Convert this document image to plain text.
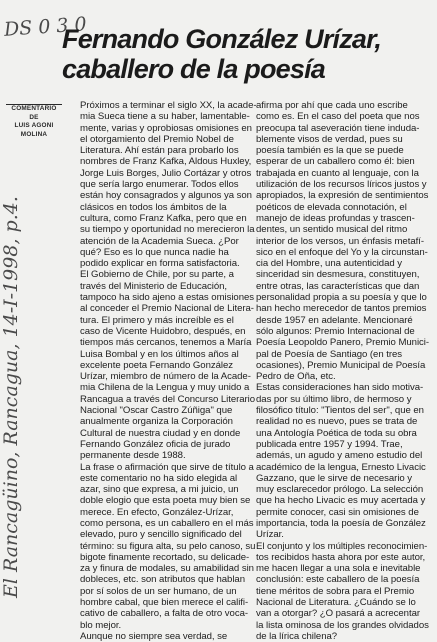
DS 0 3 0
El Rancagüino, Rancagua, 14-I-1998, p.4.
Fernando González Urízar,
caballero de la poesía
COMENTARIO DE
LUIS AGONI
MOLINA
Próximos a terminar el siglo XX, la acade-
mia Sueca tiene a su haber, lamentable-
mente, varias y oprobiosas omisiones en
el otorgamiento del Premio Nobel de
Literatura. Ahí están para probarlo los
nombres de Franz Kafka, Aldous Huxley,
Jorge Luis Borges, Julio Cortázar y otros
que sería largo enumerar. Todos ellos
están hoy consagrados y algunos ya son
clásicos en todos los ámbitos de la
cultura, como Franz Kafka, pero que en
su tiempo y oportunidad no merecieron la
atención de la Academia Sueca. ¿Por
qué? Eso es lo que nunca nadie ha
podido explicar en forma satisfactoria.
El Gobierno de Chile, por su parte, a
través del Ministerio de Educación,
tampoco ha sido ajeno a estas omisiones
al conceder el Premio Nacional de Litera-
tura. El primero y más increíble es el
caso de Vicente Huidobro, después, en
tiempos más cercanos, tenemos a María
Luisa Bombal y en los últimos años al
excelente poeta Fernando González
Urízar, miembro de número de la Acade-
mia Chilena de la Lengua y muy unido a
Rancagua a través del Concurso Literario
Nacional "Oscar Castro Zúñiga" que
anualmente organiza la Corporación
Cultural de nuestra ciudad y en donde
Fernando González oficia de jurado
permanente desde 1988.
La frase o afirmación que sirve de título a
este comentario no ha sido elegida al
azar, sino que expresa, a mi juicio, un
doble elogio que esta poeta muy bien se
merece. En efecto, González-Urízar,
como persona, es un caballero en el más
elevado, puro y sencillo significado del
término: su figura alta, su pelo canoso, su
bigote finamente recortado, su delicade-
za y finura de modales, su amabilidad sin
dobleces, etc. son atributos que hablan
por sí solos de un ser humano, de un
hombre cabal, que bien merece el califi-
cativo de caballero, a falta de otro voca-
blo mejor.
Aunque no siempre sea verdad, se
afirma por ahí que cada uno escribe
como es. En el caso del poeta que nos
preocupa tal aseveración tiene induda-
blemente visos de verdad, pues su
poesía también es la que se puede
esperar de un caballero como él: bien
trabajada en cuanto al lenguaje, con la
utilización de los recursos líricos justos y
apropiados, la expresión de sentimientos
poéticos de elevada connotación, el
manejo de ideas profundas y trascen-
dentes, un sentido musical del ritmo
interior de los versos, un énfasis metafí-
sico en el enfoque del Yo y la circunstan-
cia del Hombre, una autenticidad y
sinceridad sin desmesura, constituyen,
entre otras, las características que dan
personalidad propia a su poesía y que lo
han hecho merecedor de tantos premios
desde 1957 en adelante. Mencionaré
sólo algunos: Premio Internacional de
Poesía Leopoldo Panero, Premio Munici-
pal de Poesía de Santiago (en tres
ocasiones), Premio Municipal de Poesía
Pedro de Oña, etc.
Estas consideraciones han sido motiva-
das por su último libro, de hermoso y
filosófico título: "Tientos del ser", que en
realidad no es nuevo, pues se trata de
una Antología Poética de toda su obra
publicada entre 1957 y 1994. Trae,
además, un agudo y ameno estudio del
académico de la lengua, Ernesto Livacic
Gazzano, que le sirve de necesario y
muy esclarecedor prólogo. La selección
que ha hecho Livacic es muy acertada y
permite conocer, casi sin omisiones de
importancia, toda la poesía de González
Urízar.
El conjunto y los múltiples reconocimien-
tos recibidos hasta ahora por este autor,
me hacen llegar a una sola e inevitable
conclusión: este caballero de la poesía
tiene méritos de sobra para el Premio
Nacional de Literatura. ¿Cuándo se lo
van a otorgar? ¿O pasará a acrecentar
la lista ominosa de los grandes olvidados
de la lírica chilena?
